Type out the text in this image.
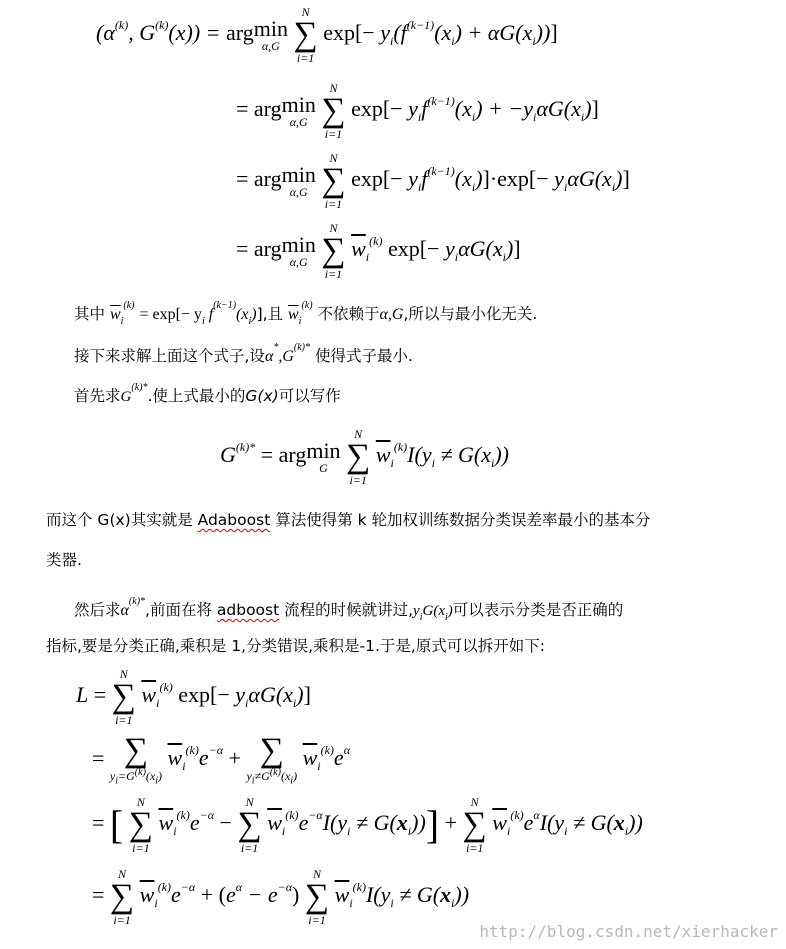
($\alpha^{(k)}$, $G^{(k)}(x)$) = arg min
α,G

N
∑
i=1
$\exp[- y_i(f^{(k-1)}(x_i) + \alpha G(x_i))]$
= arg min
α,G

N
∑
i=1
$\exp[- y_if^{(k-1)}(x_i) + -y_i\alpha G(x_i)]$
= arg min
α,G

N
∑
i=1
$\exp[- y_if^{(k-1)}(x_i)]\cdot\exp[- y_i\alpha G(x_i)]$
= arg min
α,G

N
∑
i=1
$\overline{w}_i^{(k)}$ $\exp[- y_i\alpha G(x_i)]$
其中 $\overline{w}_i^{(k)} = \exp[- y_i$ $f^{(k-1)}(x_i)$],且 $\overline{w}_i^{(k)}$ 不依赖于α,G,所以与最小化无关.
接下来求解上面这个式子,设$\alpha^*,G^{(k)*}$ 使得式子最小.
首先求$G^{(k)*}$.使上式最小的G(x)可以写作
$G^{(k)*}$ = arg min
G

N
∑
i=1
$\overline{w}_i^{(k)}I(y_i \ne G(x_i))$
而这个 G(x)其实就是 Adaboost 算法使得第 k 轮加权训练数据分类误差率最小的基本分
类器.
然后求$\alpha^{(k)*}$,前面在将 adboost 流程的时候就讲过$,y_iG(x_i)$可以表示分类是否正确的
指标,要是分类正确,乘积是 1,分类错误,乘积是-1.于是,原式可以拆开如下:
L =
N
∑
i=1
$\overline{w}_i^{(k)}$ $\exp[- y_i\alpha G(x_i)]$
= ∑
$y_i=G^{(k)}(x_i)$
$\overline{w}_i^{(k)}e^{-\alpha}$ + ∑
$y_i\ne G^{(k)}(x_i)$
$\overline{w}_i^{(k)}e^\alpha$
= [
N
∑
i=1
$\overline{w}_i^{(k)}e^{-\alpha}$ −
N
∑
i=1
$\overline{w}_i^{(k)}e^{-\alpha}I(y_i \ne G(x_i))$] +
N
∑
i=1
$\overline{w}_i^{(k)}e^\alpha I(y_i \ne G(x_i))$
=
N
∑
i=1
$\overline{w}_i^{(k)}e^{-\alpha} + (e^\alpha - e^{-\alpha})$
N
∑
i=1
$\overline{w}_i^{(k)}I(y_i \ne G(x_i))$
http://blog.csdn.net/xierhacker
